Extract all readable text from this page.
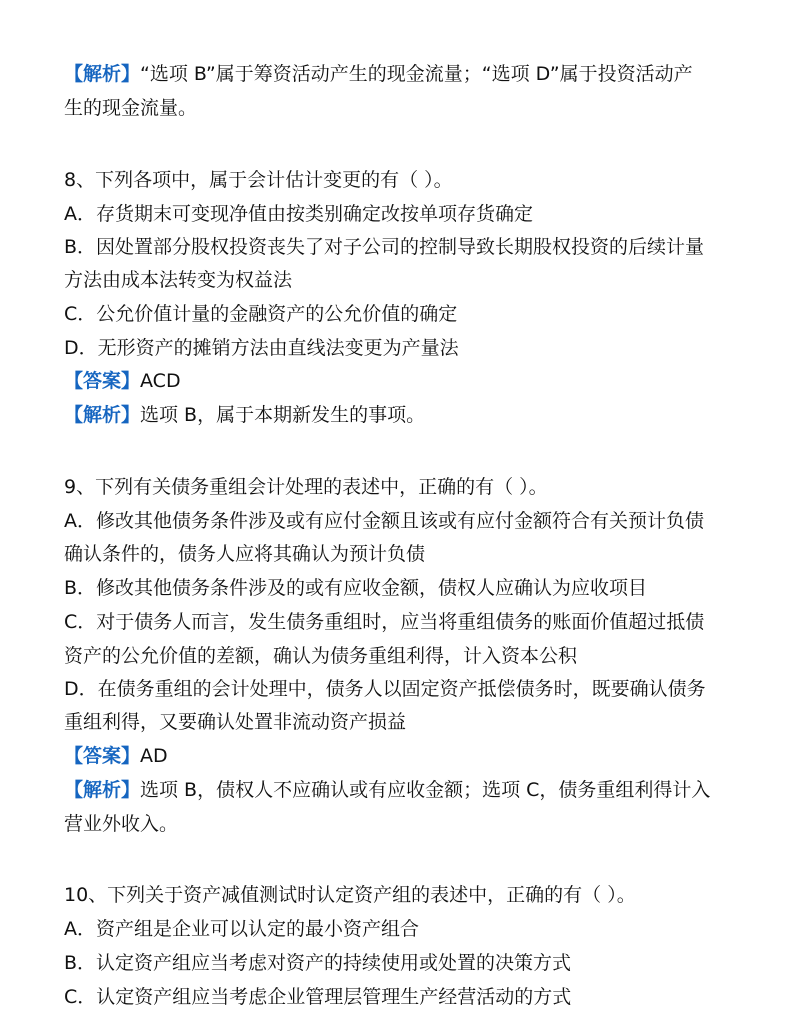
【解析】“选项 B”属于筹资活动产生的现金流量；“选项 D”属于投资活动产
生的现金流量。
8、下列各项中，属于会计估计变更的有（ ）。
A．存货期末可变现净值由按类别确定改按单项存货确定
B．因处置部分股权投资丧失了对子公司的控制导致长期股权投资的后续计量
方法由成本法转变为权益法
C．公允价值计量的金融资产的公允价值的确定
D．无形资产的摊销方法由直线法变更为产量法
【答案】ACD
【解析】选项 B，属于本期新发生的事项。
9、下列有关债务重组会计处理的表述中，正确的有（ ）。
A．修改其他债务条件涉及或有应付金额且该或有应付金额符合有关预计负债
确认条件的，债务人应将其确认为预计负债
B．修改其他债务条件涉及的或有应收金额，债权人应确认为应收项目
C．对于债务人而言，发生债务重组时，应当将重组债务的账面价值超过抵债
资产的公允价值的差额，确认为债务重组利得，计入资本公积
D．在债务重组的会计处理中，债务人以固定资产抵偿债务时，既要确认债务
重组利得，又要确认处置非流动资产损益
【答案】AD
【解析】选项 B，债权人不应确认或有应收金额；选项 C，债务重组利得计入
营业外收入。
10、下列关于资产减值测试时认定资产组的表述中，正确的有（ ）。
A．资产组是企业可以认定的最小资产组合
B．认定资产组应当考虑对资产的持续使用或处置的决策方式
C．认定资产组应当考虑企业管理层管理生产经营活动的方式
